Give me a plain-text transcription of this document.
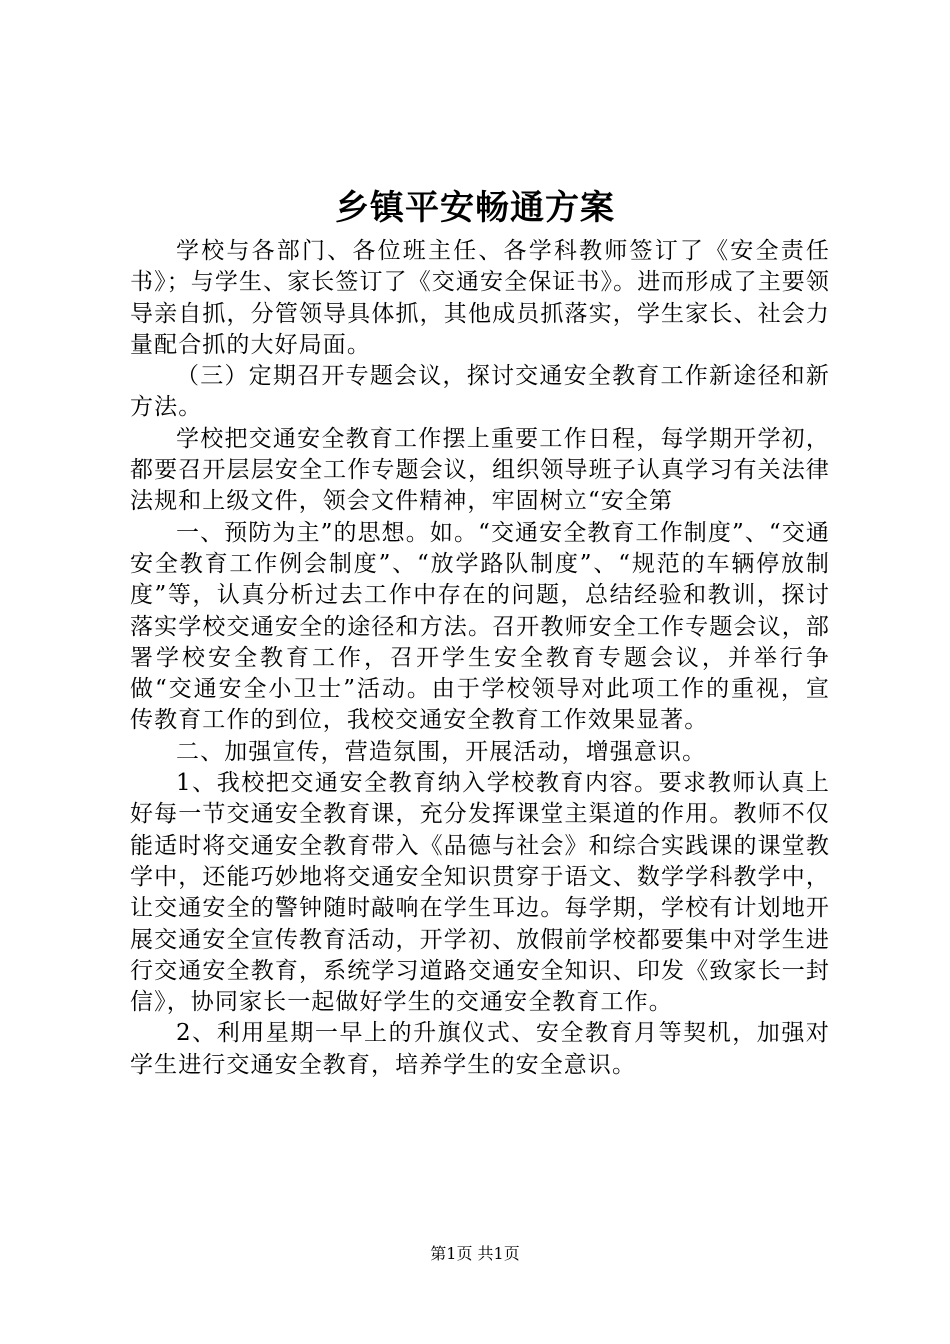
乡镇平安畅通方案

学校与各部门、各位班主任、各学科教师签订了《安全责任书》；与学生、家长签订了《交通安全保证书》。进而形成了主要领导亲自抓，分管领导具体抓，其他成员抓落实，学生家长、社会力量配合抓的大好局面。

（三）定期召开专题会议，探讨交通安全教育工作新途径和新方法。

学校把交通安全教育工作摆上重要工作日程，每学期开学初，都要召开层层安全工作专题会议，组织领导班子认真学习有关法律法规和上级文件，领会文件精神，牢固树立“安全第

一、预防为主”的思想。如。“交通安全教育工作制度”、“交通安全教育工作例会制度”、“放学路队制度”、“规范的车辆停放制度”等，认真分析过去工作中存在的问题，总结经验和教训，探讨落实学校交通安全的途径和方法。召开教师安全工作专题会议，部署学校安全教育工作，召开学生安全教育专题会议，并举行争做“交通安全小卫士”活动。由于学校领导对此项工作的重视，宣传教育工作的到位，我校交通安全教育工作效果显著。

二、加强宣传，营造氛围，开展活动，增强意识。

1、我校把交通安全教育纳入学校教育内容。要求教师认真上好每一节交通安全教育课，充分发挥课堂主渠道的作用。教师不仅能适时将交通安全教育带入《品德与社会》和综合实践课的课堂教学中，还能巧妙地将交通安全知识贯穿于语文、数学学科教学中，让交通安全的警钟随时敲响在学生耳边。每学期，学校有计划地开展交通安全宣传教育活动，开学初、放假前学校都要集中对学生进行交通安全教育，系统学习道路交通安全知识、印发《致家长一封信》，协同家长一起做好学生的交通安全教育工作。

2、利用星期一早上的升旗仪式、安全教育月等契机，加强对学生进行交通安全教育，培养学生的安全意识。

第1页 共1页
